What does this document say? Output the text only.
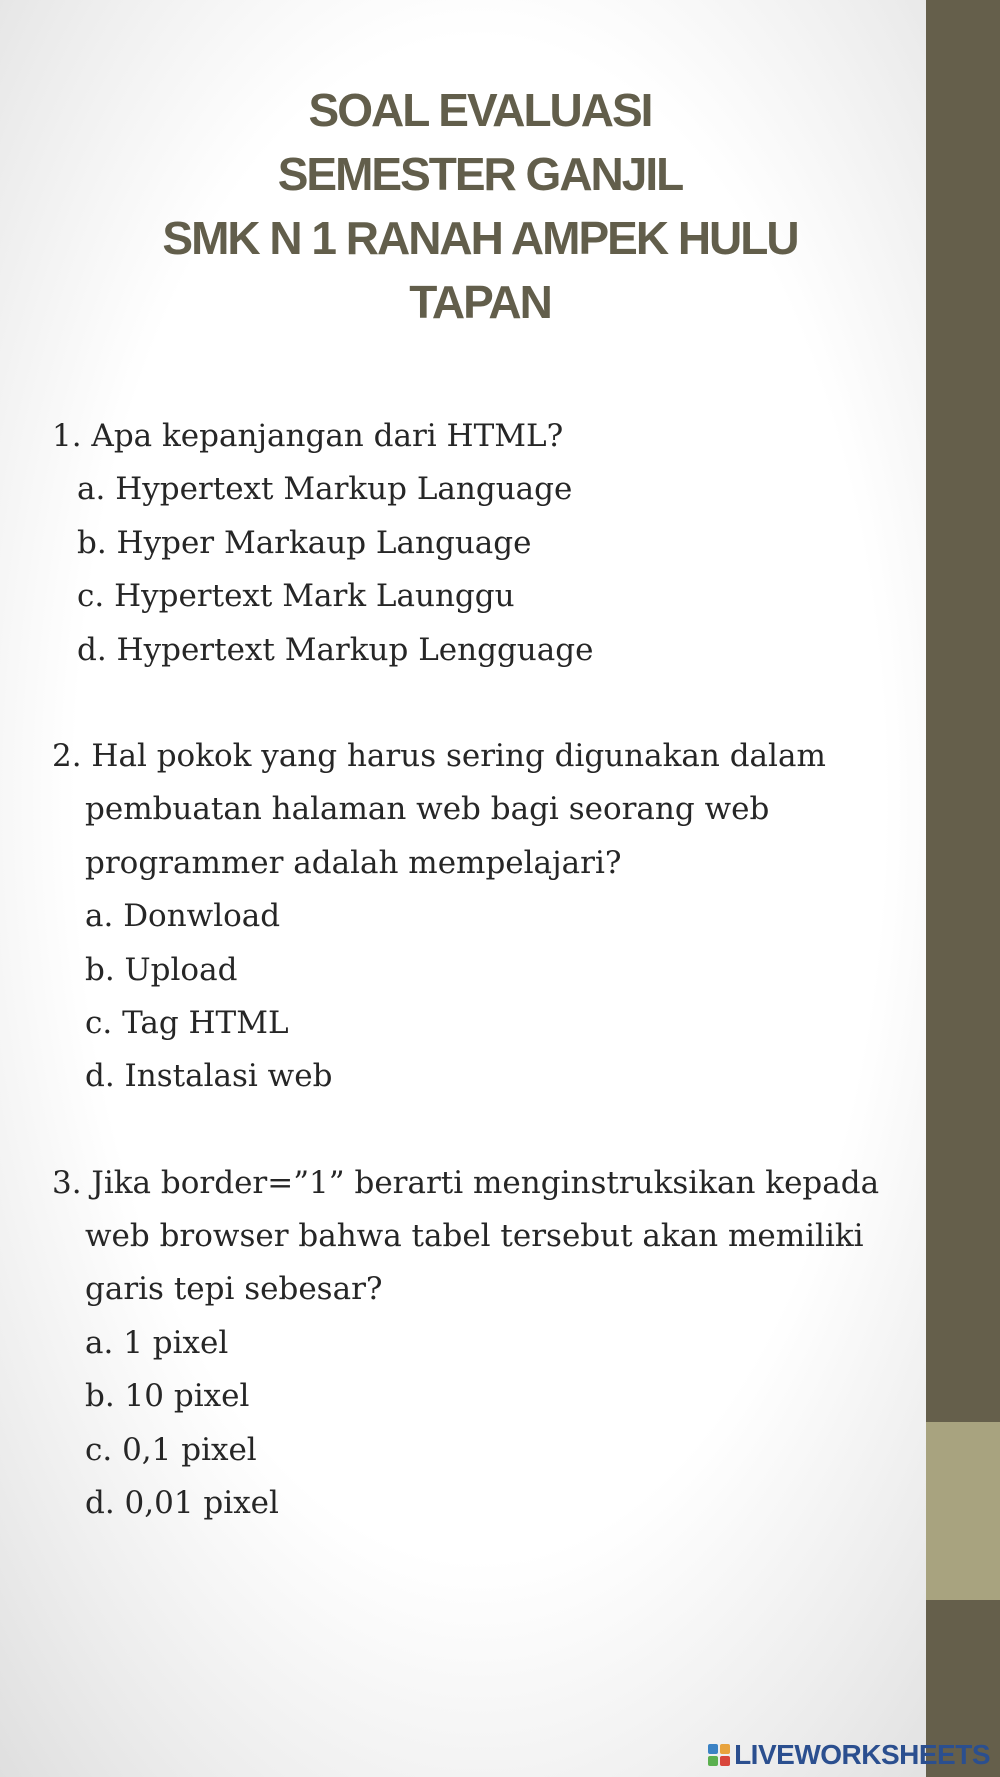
SOAL EVALUASI
SEMESTER GANJIL
SMK N 1 RANAH AMPEK HULU
TAPAN
1. Apa kepanjangan dari HTML?
a. Hypertext Markup Language
b. Hyper Markaup Language
c. Hypertext Mark Launggu
d. Hypertext Markup Lengguage
2. Hal pokok yang harus sering digunakan dalam
pembuatan halaman web bagi seorang web
programmer adalah mempelajari?
a. Donwload
b. Upload
c. Tag HTML
d. Instalasi web
3. Jika border=”1” berarti menginstruksikan kepada
web browser bahwa tabel tersebut akan memiliki
garis tepi sebesar?
a. 1 pixel
b. 10 pixel
c. 0,1 pixel
d. 0,01 pixel
LIVEWORKSHEETS
